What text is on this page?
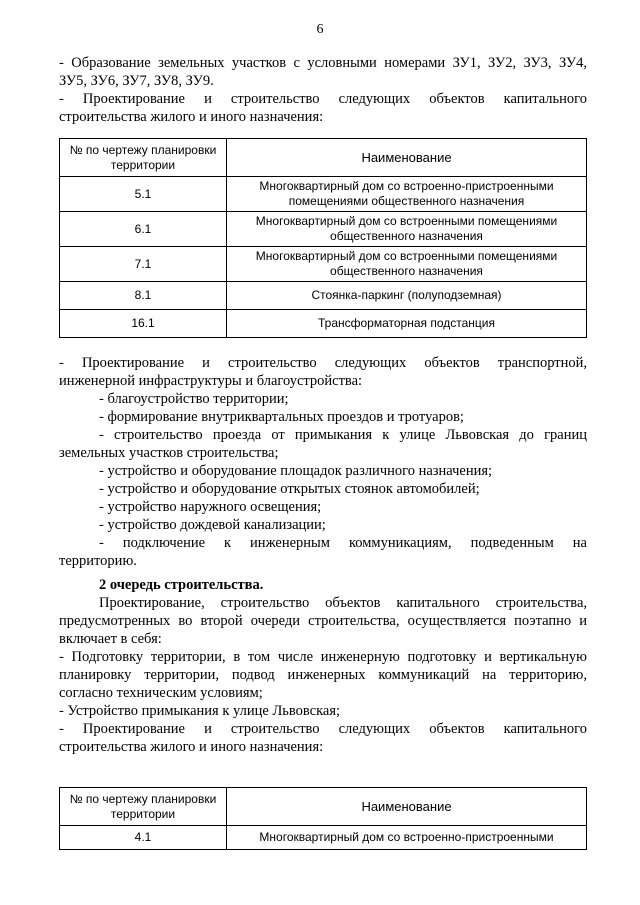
6
- Образование земельных участков с условными номерами ЗУ1, ЗУ2, ЗУ3, ЗУ4,
ЗУ5, ЗУ6, ЗУ7, ЗУ8, ЗУ9.
- Проектирование и строительство следующих объектов капитального
строительства жилого и иного назначения:
№ по чертежу планировки территории	Наименование
5.1	Многоквартирный дом со встроенно-пристроенными помещениями общественного назначения
6.1	Многоквартирный дом со встроенными помещениями общественного назначения
7.1	Многоквартирный дом со встроенными помещениями общественного назначения
8.1	Стоянка-паркинг (полуподземная)
16.1	Трансформаторная подстанция
- Проектирование и строительство следующих объектов транспортной,
инженерной инфраструктуры и благоустройства:
- благоустройство территории;
- формирование внутриквартальных проездов и тротуаров;
- строительство проезда от примыкания к улице Львовская до границ
земельных участков строительства;
- устройство и оборудование площадок различного назначения;
- устройство и оборудование открытых стоянок автомобилей;
- устройство наружного освещения;
- устройство дождевой канализации;
- подключение к инженерным коммуникациям, подведенным на
территорию.
2 очередь строительства.
Проектирование, строительство объектов капитального строительства,
предусмотренных во второй очереди строительства, осуществляется поэтапно и
включает в себя:
- Подготовку территории, в том числе инженерную подготовку и вертикальную
планировку территории, подвод инженерных коммуникаций на территорию,
согласно техническим условиям;
- Устройство примыкания к улице Львовская;
- Проектирование и строительство следующих объектов капитального
строительства жилого и иного назначения:
№ по чертежу планировки территории	Наименование
4.1	Многоквартирный дом со встроенно-пристроенными
